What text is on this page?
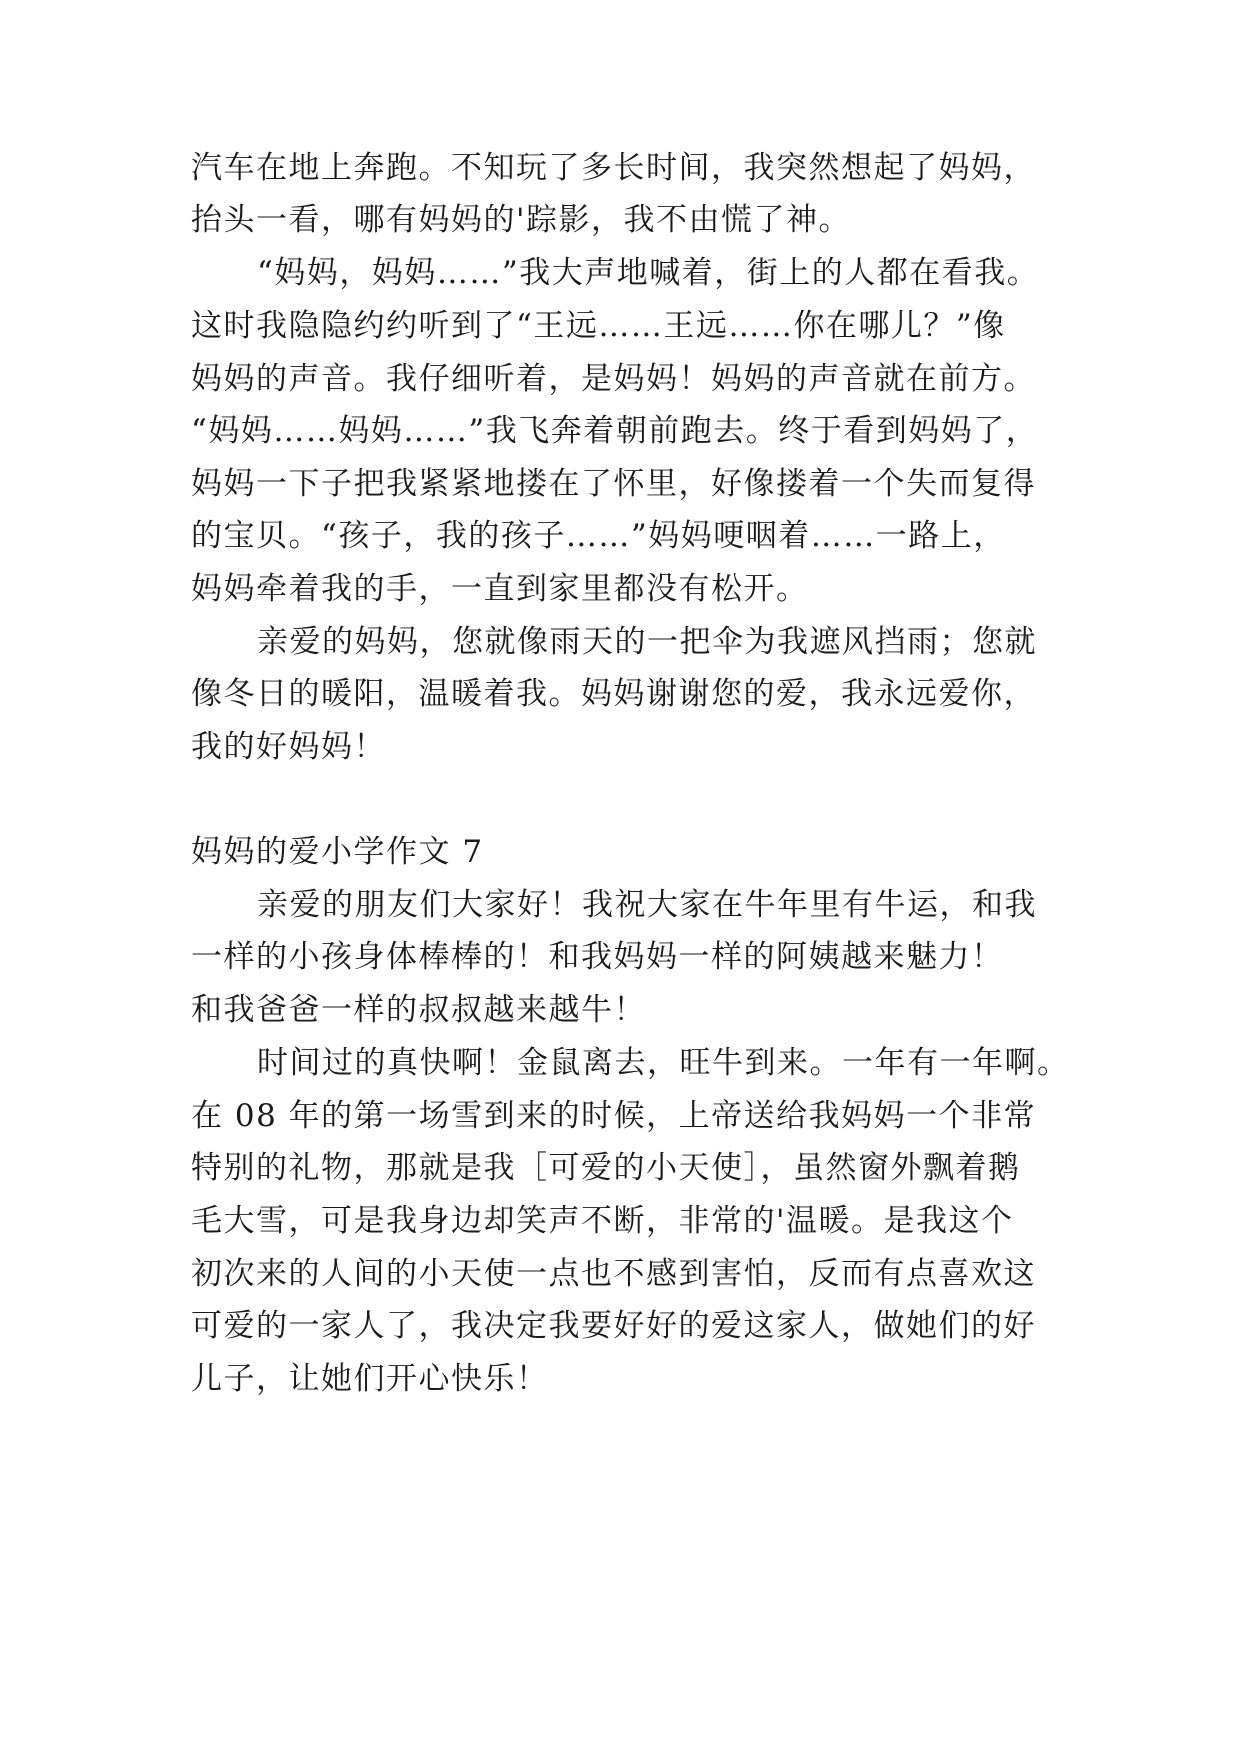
汽车在地上奔跑。不知玩了多长时间，我突然想起了妈妈，
抬头一看，哪有妈妈的'踪影，我不由慌了神。
“妈妈，妈妈……”我大声地喊着，街上的人都在看我。
这时我隐隐约约听到了“王远……王远……你在哪儿？”像
妈妈的声音。我仔细听着，是妈妈！妈妈的声音就在前方。
“妈妈……妈妈……”我飞奔着朝前跑去。终于看到妈妈了，
妈妈一下子把我紧紧地搂在了怀里，好像搂着一个失而复得
的宝贝。“孩子，我的孩子……”妈妈哽咽着……一路上，
妈妈牵着我的手，一直到家里都没有松开。
亲爱的妈妈，您就像雨天的一把伞为我遮风挡雨；您就
像冬日的暖阳，温暖着我。妈妈谢谢您的爱，我永远爱你，
我的好妈妈！
妈妈的爱小学作文 7
亲爱的朋友们大家好！我祝大家在牛年里有牛运，和我
一样的小孩身体棒棒的！和我妈妈一样的阿姨越来魅力！
和我爸爸一样的叔叔越来越牛！
时间过的真快啊！金鼠离去，旺牛到来。一年有一年啊。
在 08 年的第一场雪到来的时候，上帝送给我妈妈一个非常
特别的礼物，那就是我［可爱的小天使］，虽然窗外飘着鹅
毛大雪，可是我身边却笑声不断，非常的'温暖。是我这个
初次来的人间的小天使一点也不感到害怕，反而有点喜欢这
可爱的一家人了，我决定我要好好的爱这家人，做她们的好
儿子，让她们开心快乐！
